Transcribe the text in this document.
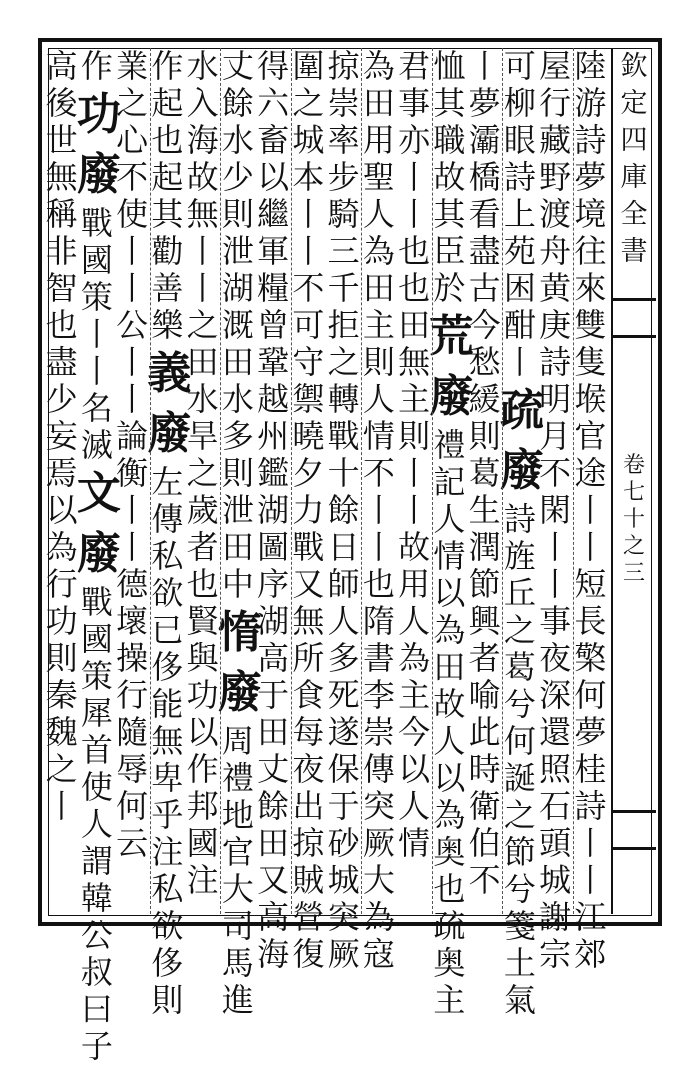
陸
游
詩
夢
境
往
來
雙
隻
堠
官
途
丨
丨
短
長
檠
何
夢
桂
詩
丨
丨
江
郊
屋
行
藏
野
渡
舟
黄
庚
詩
明
月
不
閑
丨
丨
事
夜
深
還
照
石
頭
城
謝
宗
可
柳
眼
詩
上
苑
困
酣
丨
疏
廢
詩
旌
丘
之
葛
兮
何
誕
之
節
兮
箋
土
氣
丨
夢
灞
橋
看
盡
古
今
愁
緩
則
葛
生
潤
節
興
者
喻
此
時
衛
伯
不
恤
其
職
故
其
臣
於
荒
廢
禮
記
人
情
以
為
田
故
人
以
為
奥
也
疏
奥
主
君
事
亦
丨
丨
也
也
田
無
主
則
丨
丨
故
用
人
為
主
今
以
人
情
為
田
用
聖
人
為
田
主
則
人
情
不
丨
丨
也
隋
書
李
崇
傳
突
厥
大
為
寇
掠
崇
率
步
騎
三
千
拒
之
轉
戰
十
餘
日
師
人
多
死
遂
保
于
砂
城
突
厥
圍
之
城
本
丨
丨
不
可
守
禦
曉
夕
力
戰
又
無
所
食
每
夜
出
掠
賊
營
復
得
六
畜
以
繼
軍
糧
曾
鞏
越
州
鑑
湖
圖
序
湖
高
于
田
丈
餘
田
又
高
海
丈
餘
水
少
則
泄
湖
溉
田
水
多
則
泄
田
中
惰
廢
周
禮
地
官
大
司
馬
進
水
入
海
故
無
丨
丨
之
田
水
旱
之
歲
者
也
賢
與
功
以
作
邦
國
注
作
起
也
起
其
勸
善
樂
義
廢
左
傳
私
欲
已
侈
能
無
卑
乎
注
私
欲
侈
則
業
之
心
不
使
丨
丨
公
丨
丨
論
衡
丨
丨
德
壞
操
行
隨
辱
何
云
作
功
廢
戰
國
策
丨
丨
名
滅
文
廢
戰
國
策
犀
首
使
人
謂
韓
公
叔
曰
子
高
後
世
無
稱
非
智
也
盡
少
妄
焉
以
為
行
功
則
秦
魏
之
丨
欽
定
四
庫
全
書
卷
七
十
之
三
